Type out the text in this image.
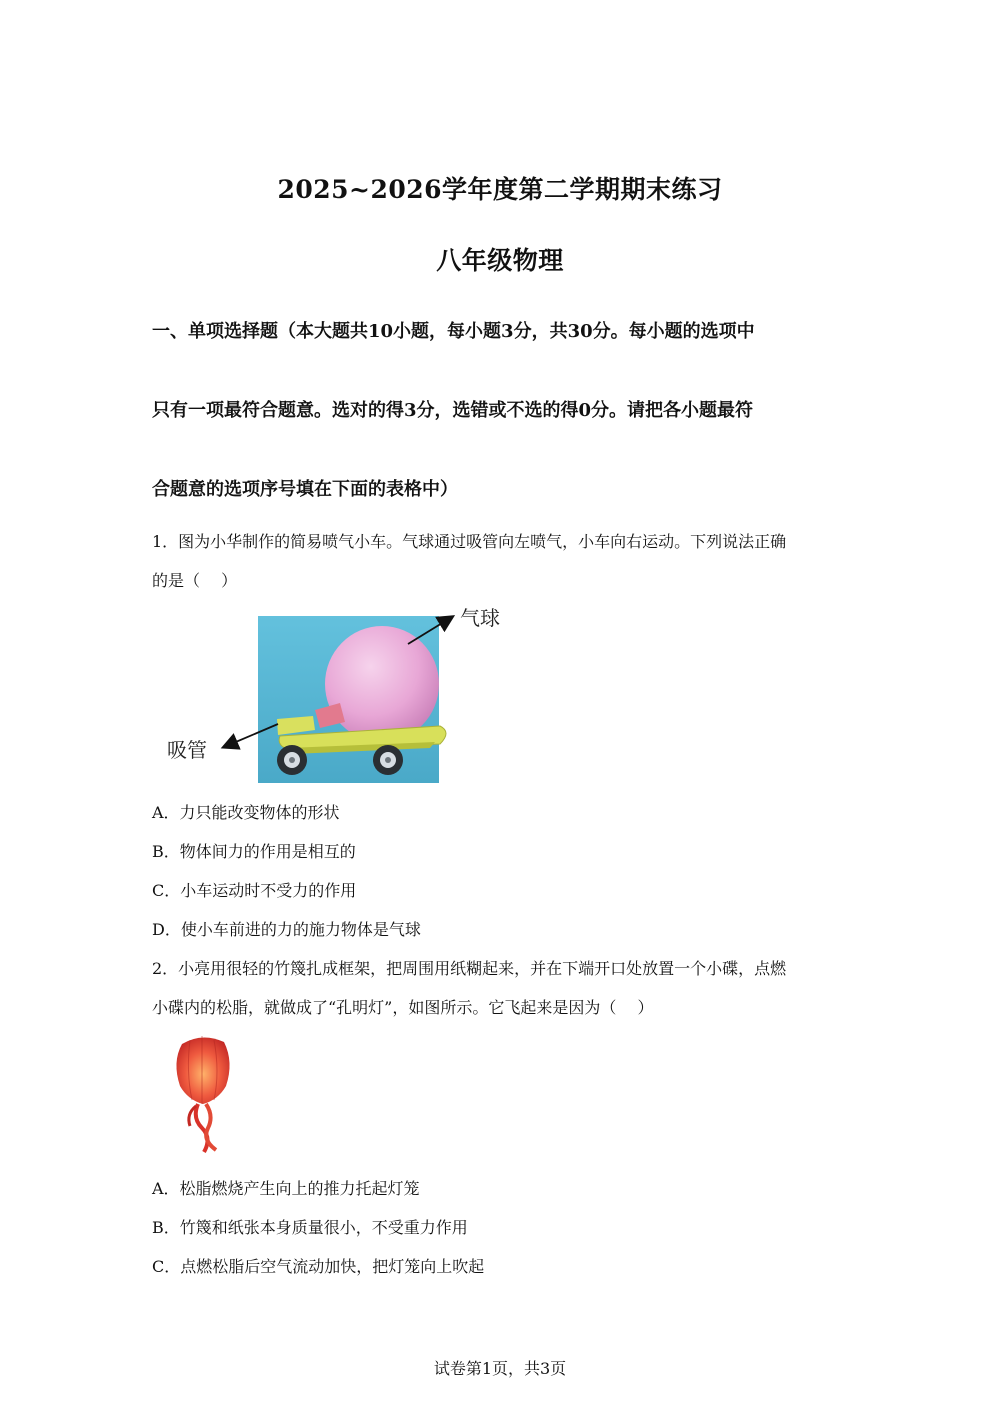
2025~2026学年度第二学期期末练习
八年级物理
一、单项选择题（本大题共10小题，每小题3分，共30分。每小题的选项中
只有一项最符合题意。选对的得3分，选错或不选的得0分。请把各小题最符
合题意的选项序号填在下面的表格中）
1．图为小华制作的简易喷气小车。气球通过吸管向左喷气，小车向右运动。下列说法正确
的是（　 ）
气球
吸管
A．力只能改变物体的形状
B．物体间力的作用是相互的
C．小车运动时不受力的作用
D．使小车前进的力的施力物体是气球
2．小亮用很轻的竹篾扎成框架，把周围用纸糊起来，并在下端开口处放置一个小碟，点燃
小碟内的松脂，就做成了“孔明灯”，如图所示。它飞起来是因为（　 ）
A．松脂燃烧产生向上的推力托起灯笼
B．竹篾和纸张本身质量很小，不受重力作用
C．点燃松脂后空气流动加快，把灯笼向上吹起
试卷第1页，共3页
